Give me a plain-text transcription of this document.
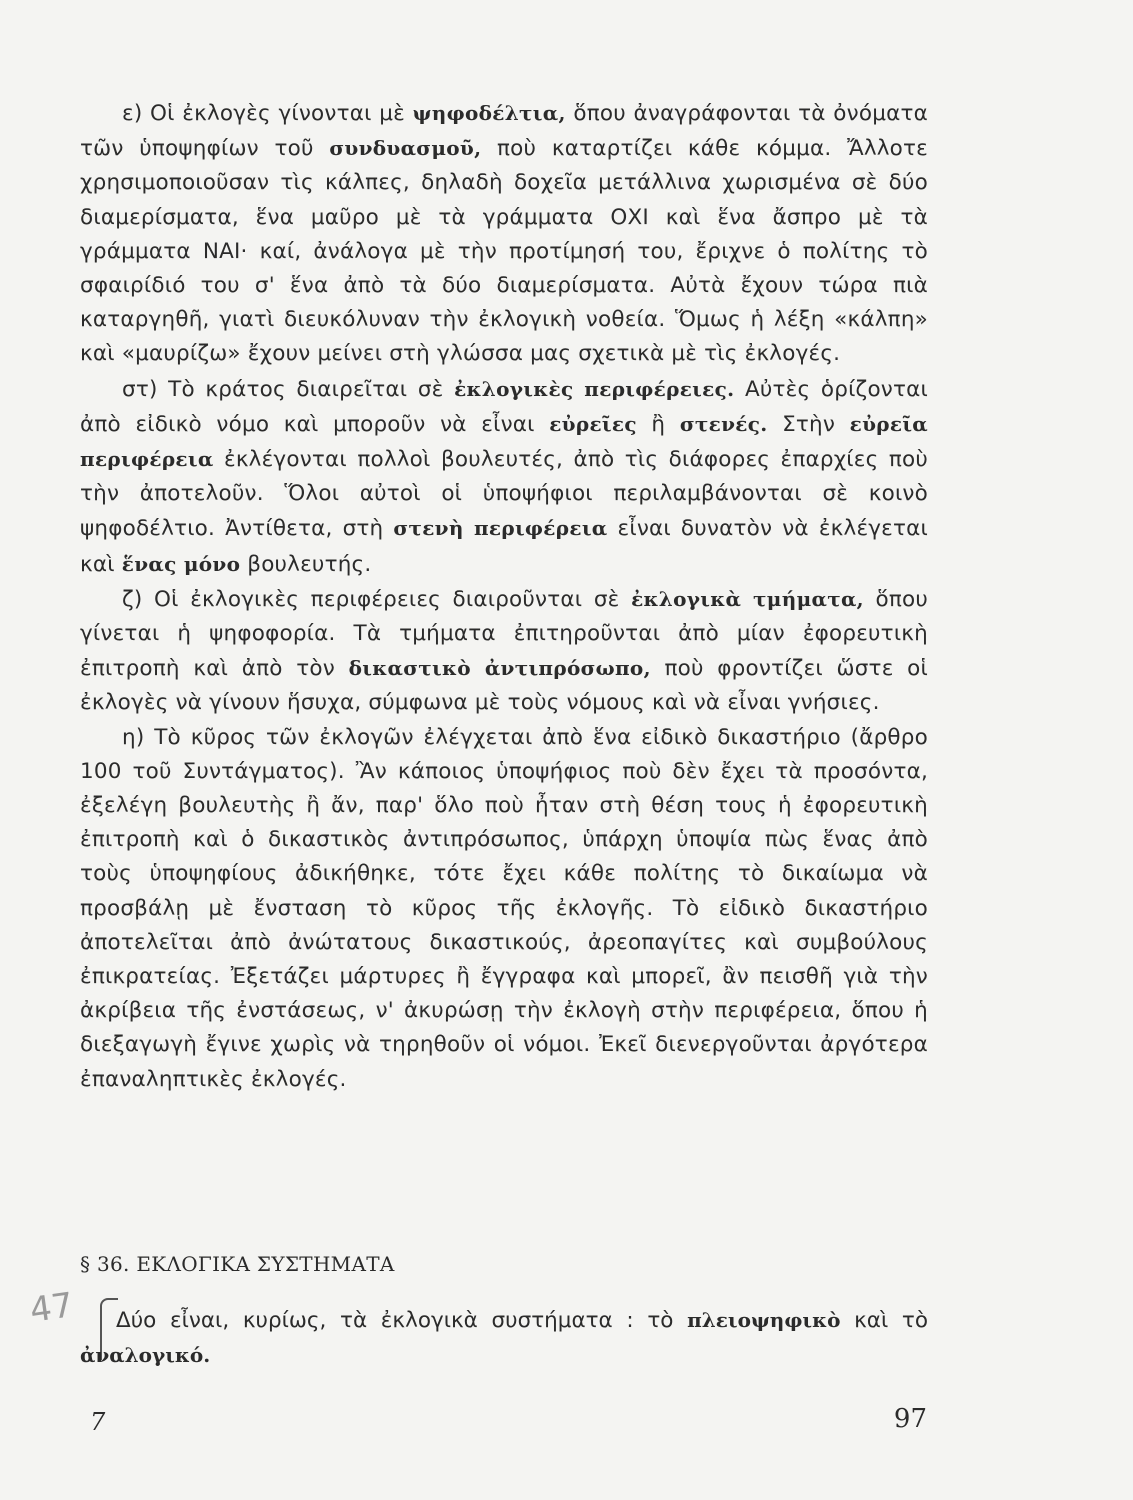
ε) Οἱ ἐκλογὲς γίνονται μὲ ψηφοδέλτια, ὅπου ἀναγράφονται τὰ ὀνόματα τῶν ὑποψηφίων τοῦ συνδυασμοῦ, ποὺ καταρτίζει κάθε κόμμα. Ἄλλοτε χρησιμοποιοῦσαν τὶς κάλπες, δηλαδὴ δοχεῖα μετάλλινα χωρισμένα σὲ δύο διαμερίσματα, ἕνα μαῦρο μὲ τὰ γράμματα ΟΧΙ καὶ ἕνα ἄσπρο μὲ τὰ γράμματα ΝΑΙ· καί, ἀνάλογα μὲ τὴν προτίμησή του, ἔριχνε ὁ πολίτης τὸ σφαιρίδιό του σ' ἕνα ἀπὸ τὰ δύο διαμερίσματα. Αὐτὰ ἔχουν τώρα πιὰ καταργηθῆ, γιατὶ διευκόλυναν τὴν ἐκλογικὴ νοθεία. Ὅμως ἡ λέξη «κάλπη» καὶ «μαυρίζω» ἔχουν μείνει στὴ γλώσσα μας σχετικὰ μὲ τὶς ἐκλογές.

στ) Τὸ κράτος διαιρεῖται σὲ ἐκλογικὲς περιφέρειες. Αὐτὲς ὁρίζονται ἀπὸ εἰδικὸ νόμο καὶ μποροῦν νὰ εἶναι εὐρεῖες ἢ στενές. Στὴν εὐρεῖα περιφέρεια ἐκλέγονται πολλοὶ βουλευτές, ἀπὸ τὶς διάφορες ἐπαρχίες ποὺ τὴν ἀποτελοῦν. Ὅλοι αὐτοὶ οἱ ὑποψήφιοι περιλαμβάνονται σὲ κοινὸ ψηφοδέλτιο. Ἀντίθετα, στὴ στενὴ περιφέρεια εἶναι δυνατὸν νὰ ἐκλέγεται καὶ ἕνας μόνο βουλευτής.

ζ) Οἱ ἐκλογικὲς περιφέρειες διαιροῦνται σὲ ἐκλογικὰ τμήματα, ὅπου γίνεται ἡ ψηφοφορία. Τὰ τμήματα ἐπιτηροῦνται ἀπὸ μίαν ἐφορευτικὴ ἐπιτροπὴ καὶ ἀπὸ τὸν δικαστικὸ ἀντιπρόσωπο, ποὺ φροντίζει ὥστε οἱ ἐκλογὲς νὰ γίνουν ἥσυχα, σύμφωνα μὲ τοὺς νόμους καὶ νὰ εἶναι γνήσιες.

η) Τὸ κῦρος τῶν ἐκλογῶν ἐλέγχεται ἀπὸ ἕνα εἰδικὸ δικαστήριο (ἄρθρο 100 τοῦ Συντάγματος). Ἂν κάποιος ὑποψήφιος ποὺ δὲν ἔχει τὰ προσόντα, ἐξελέγη βουλευτὴς ἢ ἄν, παρ' ὅλο ποὺ ἦταν στὴ θέση τους ἡ ἐφορευτικὴ ἐπιτροπὴ καὶ ὁ δικαστικὸς ἀντιπρόσωπος, ὑπάρχη ὑποψία πὼς ἕνας ἀπὸ τοὺς ὑποψηφίους ἀδικήθηκε, τότε ἔχει κάθε πολίτης τὸ δικαίωμα νὰ προσβάλῃ μὲ ἔνσταση τὸ κῦρος τῆς ἐκλογῆς. Τὸ εἰδικὸ δικαστήριο ἀποτελεῖται ἀπὸ ἀνώτατους δικαστικούς, ἀρεοπαγίτες καὶ συμβούλους ἐπικρατείας. Ἐξετάζει μάρτυρες ἢ ἔγγραφα καὶ μπορεῖ, ἂν πεισθῆ γιὰ τὴν ἀκρίβεια τῆς ἐνστάσεως, ν' ἀκυρώσῃ τὴν ἐκλογὴ στὴν περιφέρεια, ὅπου ἡ διεξαγωγὴ ἔγινε χωρὶς νὰ τηρηθοῦν οἱ νόμοι. Ἐκεῖ διενεργοῦνται ἀργότερα ἐπαναληπτικὲς ἐκλογές.

§ 36. ΕΚΛΟΓΙΚΑ ΣΥΣΤΗΜΑΤΑ
47	Δύο εἶναι, κυρίως, τὰ ἐκλογικὰ συστήματα : τὸ πλειοψηφικὸ καὶ τὸ ἀναλογικό.

7	97
